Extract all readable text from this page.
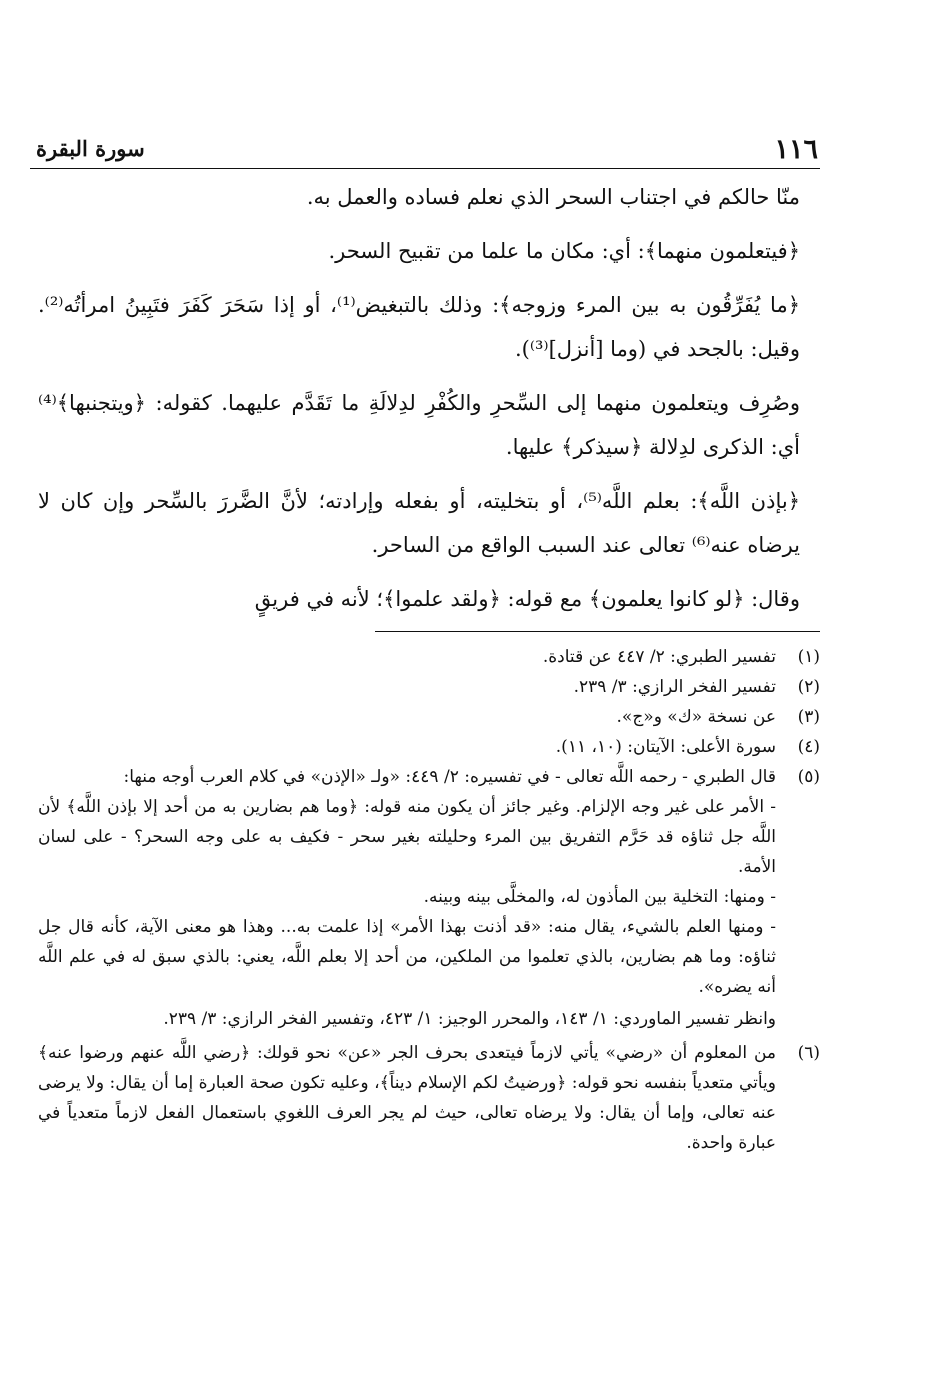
١١٦
سورة البقرة

منّا حالكم في اجتناب السحر الذي نعلم فساده والعمل به.

﴿فيتعلمون منهما﴾: أي: مكان ما علما من تقبيح السحر.

﴿ما يُفَرِّقُون به بين المرء وزوجه﴾: وذلك بالتبغيض⁽¹⁾، أو إذا سَحَرَ كَفَرَ فتَبِينُ امرأتُه⁽²⁾. وقيل: بالجحد في (وما [أنزل]⁽³⁾).

وصُرِف ويتعلمون منهما إلى السِّحرِ والكُفْرِ لدِلالَةِ ما تَقَدَّم عليهما. كقوله: ﴿ويتجنبها﴾⁽⁴⁾ أي: الذكرى لدِلالة ﴿سيذكر﴾ عليها.

﴿بإذن اللَّه﴾: بعلم اللَّه⁽⁵⁾، أو بتخليته، أو بفعله وإرادته؛ لأنَّ الضَّررَ بالسِّحر وإن كان لا يرضاه عنه⁽⁶⁾ تعالى عند السبب الواقع من الساحر.

وقال: ﴿لو كانوا يعلمون﴾ مع قوله: ﴿ولقد علموا﴾؛ لأنه في فريقٍ

(١)
تفسير الطبري: ٢/ ٤٤٧ عن قتادة.
(٢)
تفسير الفخر الرازي: ٣/ ٢٣٩.
(٣)
عن نسخة «ك» و«ج».
(٤)
سورة الأعلى: الآيتان: (١٠، ١١).
(٥)
قال الطبري - رحمه اللَّه تعالى - في تفسيره: ٢/ ٤٤٩: «ولـ «الإذن» في كلام العرب أوجه منها:
- الأمر على غير وجه الإلزام. وغير جائز أن يكون منه قوله: ﴿وما هم بضارين به من أحد إلا بإذن اللَّه﴾ لأن اللَّه جل ثناؤه قد حَرَّم التفريق بين المرء وحليلته بغير سحر - فكيف به على وجه السحر؟ - على لسان الأمة.
- ومنها: التخلية بين المأذون له، والمخلَّى بينه وبينه.
- ومنها العلم بالشيء، يقال منه: «قد أذنت بهذا الأمر» إذا علمت به... وهذا هو معنى الآية، كأنه قال جل ثناؤه: وما هم بضارين، بالذي تعلموا من الملكين، من أحد إلا بعلم اللَّه، يعني: بالذي سبق له في علم اللَّه أنه يضره».
وانظر تفسير الماوردي: ١/ ١٤٣، والمحرر الوجيز: ١/ ٤٢٣، وتفسير الفخر الرازي: ٣/ ٢٣٩.
(٦)
من المعلوم أن «رضي» يأتي لازماً فيتعدى بحرف الجر «عن» نحو قولك: ﴿رضي اللَّه عنهم ورضوا عنه﴾ ويأتي متعدياً بنفسه نحو قوله: ﴿ورضيتُ لكم الإسلام ديناً﴾، وعليه تكون صحة العبارة إما أن يقال: ولا يرضى عنه تعالى، وإما أن يقال: ولا يرضاه تعالى، حيث لم يجر العرف اللغوي باستعمال الفعل لازماً متعدياً في عبارة واحدة.
